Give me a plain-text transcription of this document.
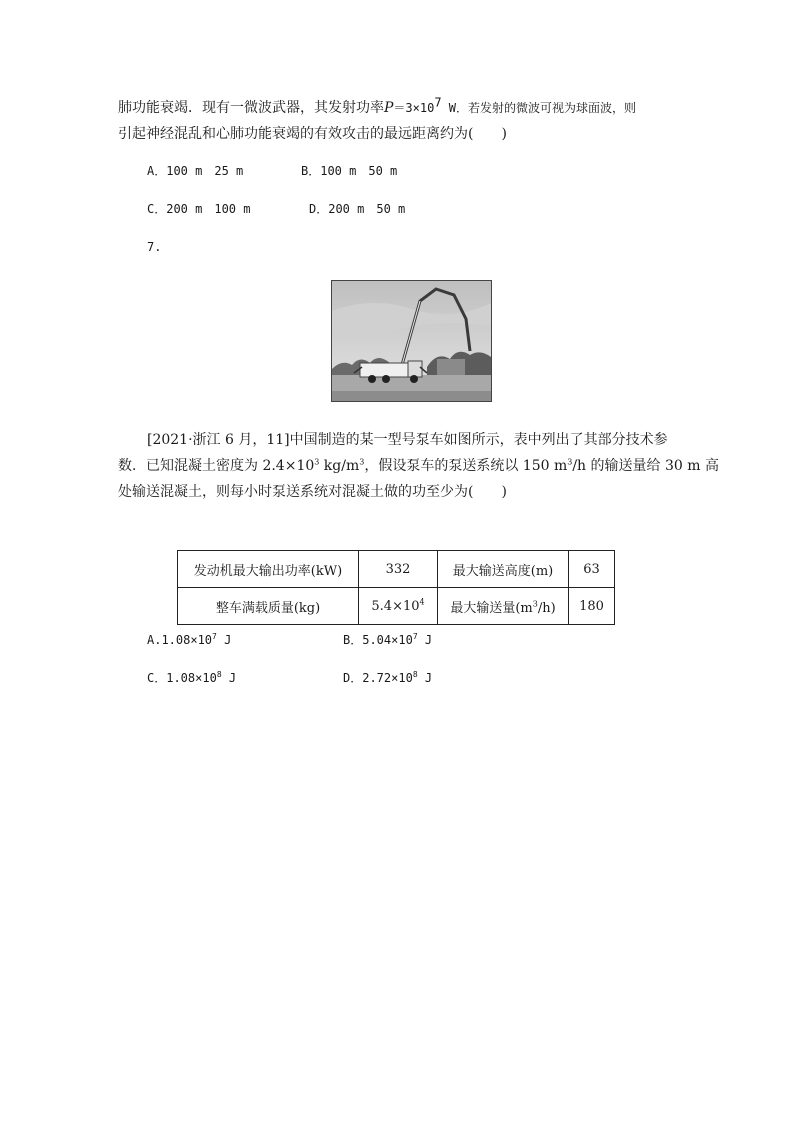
肺功能衰竭．现有一微波武器，其发射功率$P=3\times 10^7$ W．若发射的微波可视为球面波，则
引起神经混乱和心肺功能衰竭的有效攻击的最远距离约为(　　)
A．100 m　25 m	B．100 m　50 m
C．200 m　100 m	D．200 m　50 m
7.
[2021·浙江 6 月，11]中国制造的某一型号泵车如图所示，表中列出了其部分技术参
数．已知混凝土密度为 $2.4\times 10^3$ $kg/m^3$，假设泵车的泵送系统以 150 $m^3/h$ 的输送量给 30 m 高
处输送混凝土，则每小时泵送系统对混凝土做的功至少为(　　)
发动机最大输出功率(kW)	332	最大输送高度(m)	63
整车满载质量(kg)	$5.4\times 10^4$	最大输送量$(m^3/h)$	180
$A.1.08\times 10^7$ J	B．$5.04\times 10^7$ J
C．$1.08\times 10^8$ J	D．$2.72\times 10^8$ J
